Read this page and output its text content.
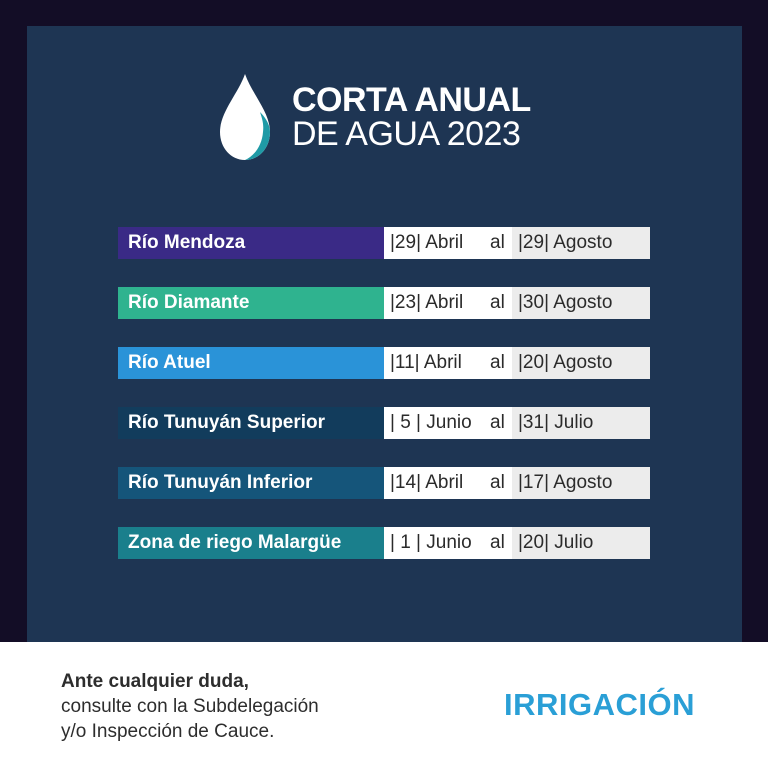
CORTA ANUAL
DE AGUA 2023
Río Mendoza	|29| Abril	al |29| Agosto
Río Diamante	|23| Abril	al |30| Agosto
Río Atuel	|11| Abril	al |20| Agosto
Río Tunuyán Superior	| 5 | Junio al |31| Julio
Río Tunuyán Inferior	|14| Abril	al |17| Agosto
Zona de riego Malargüe	| 1 | Junio al |20| Julio
Ante cualquier duda,
consulte con la Subdelegación
y/o Inspección de Cauce.
IRRIGACIÓN
